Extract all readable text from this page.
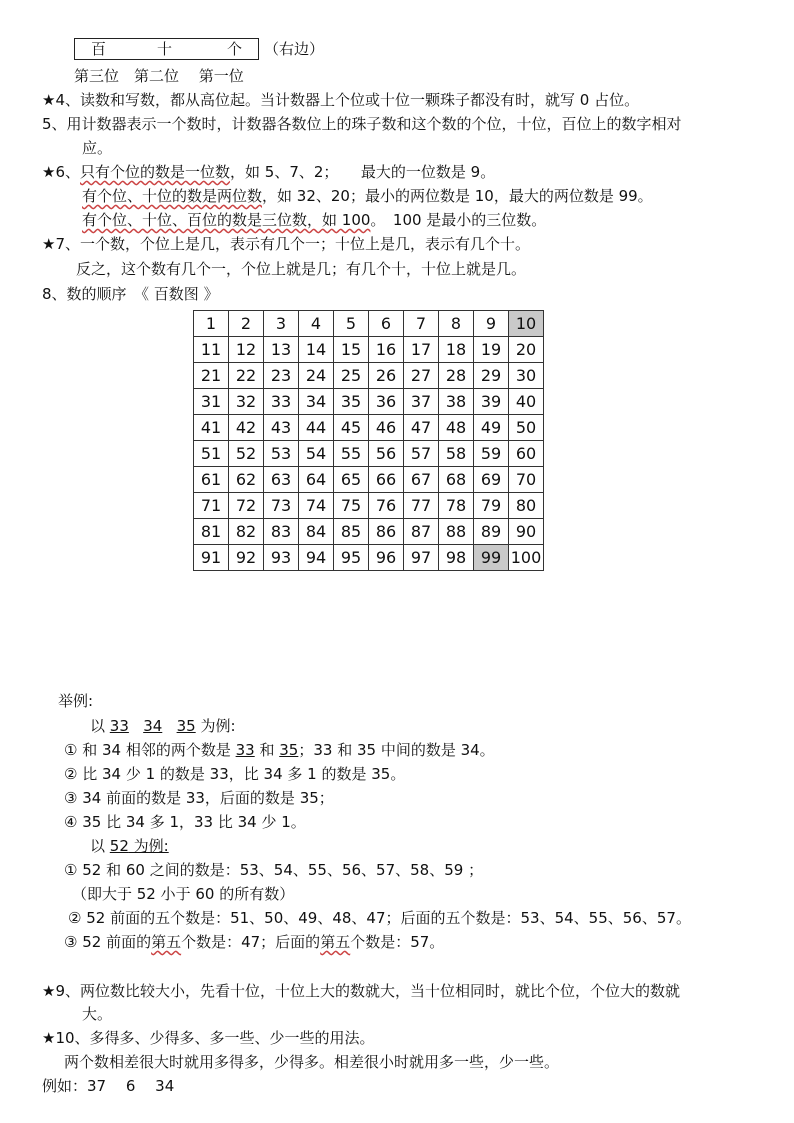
百	十	个 （右边）
第三位　第二位　 第一位
★4、读数和写数，都从高位起。当计数器上个位或十位一颗珠子都没有时，就写 0 占位。
5、用计数器表示一个数时，计数器各数位上的珠子数和这个数的个位，十位，百位上的数字相对
应。
★6、只有个位的数是一位数，如 5、7、2；　　最大的一位数是 9。
有个位、十位的数是两位数，如 32、20；最小的两位数是 10，最大的两位数是 99。
有个位、十位、百位的数是三位数，如 100。　100 是最小的三位数。
★7、一个数，个位上是几，表示有几个一；十位上是几，表示有几个十。
反之，这个数有几个一，个位上就是几；有几个十，十位上就是几。
8、数的顺序　《 百数图 》
1	2	3	4	5	6	7	8	9	10
11	12	13	14	15	16	17	18	19	20
21	22	23	24	25	26	27	28	29	30
31	32	33	34	35	36	37	38	39	40
41	42	43	44	45	46	47	48	49	50
51	52	53	54	55	56	57	58	59	60
61	62	63	64	65	66	67	68	69	70
71	72	73	74	75	76	77	78	79	80
81	82	83	84	85	86	87	88	89	90
91	92	93	94	95	96	97	98	99	100
举例:
以 33 34 35 为例:
① 和 34 相邻的两个数是 33 和 35；33 和 35 中间的数是 34。
② 比 34 少 1 的数是 33，比 34 多 1 的数是 35。
③ 34 前面的数是 33，后面的数是 35；
④ 35 比 34 多 1，33 比 34 少 1。
以 52 为例:
① 52 和 60 之间的数是：53、54、55、56、57、58、59 ；
（即大于 52 小于 60 的所有数）
② 52 前面的五个数是：51、50、49、48、47；后面的五个数是：53、54、55、56、57。
③ 52 前面的第五个数是：47；后面的第五个数是：57。
★9、两位数比较大小，先看十位，十位上大的数就大，当十位相同时，就比个位，个位大的数就
大。
★10、多得多、少得多、多一些、少一些的用法。
两个数相差很大时就用多得多，少得多。相差很小时就用多一些，少一些。
例如：37　 6　 34
